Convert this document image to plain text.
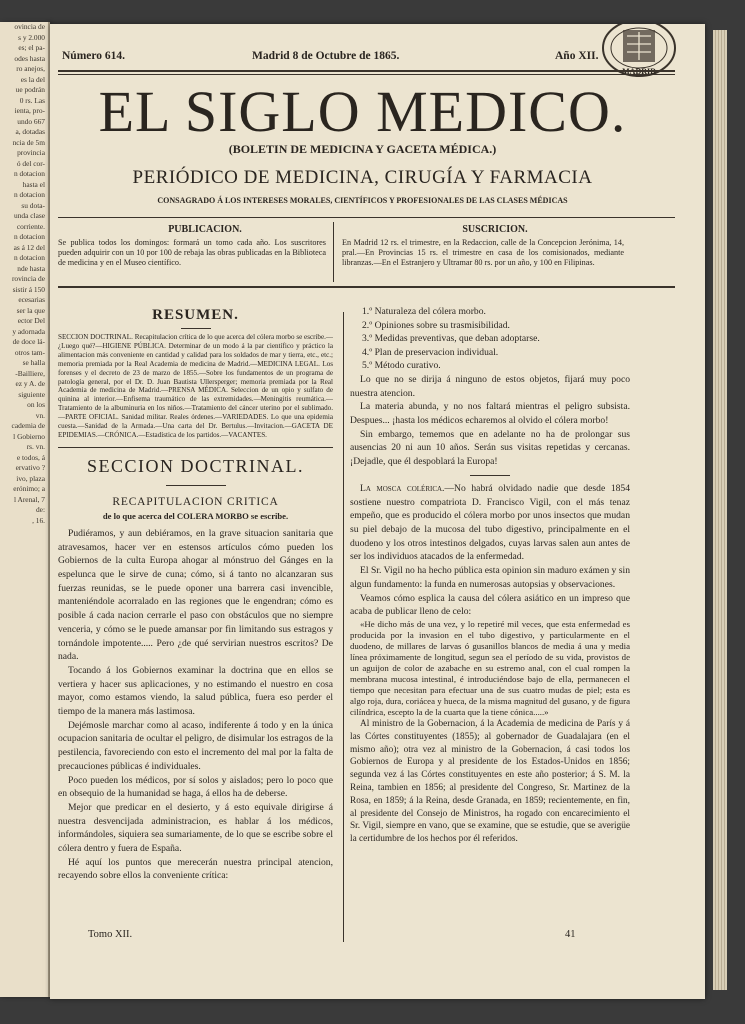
ovincia de
s y 2.000
es; el pa-
odes hasta
ro anejos,
es la del
ue podrán
0 rs. Las
ienta, pro-
undo 667
a, dotadas
ncia de 5m
provincia
ó del cor-
n dotacion
hasta el
n dotacion
su dota-
unda clase
corriente.
n dotacion
as á 12 del
n dotacion
nde hasta
rovincia de
sistir á 150
ecesarias
ser la que
ector Del
y adornada
de doce lá-
otros tam-
se halla
-Bailliere,
ez y A. de
siguiente
on los
vn.
cademia de
l Gobierno
rs. vn.
e todos, á
ervativo ?
ivo, plaza
erónimo; a
l Arenal, 7
de:
, 16.
Número 614.	Madrid 8 de Octubre de 1865.	Año XII.
MADRID
EL SIGLO MEDICO.
(BOLETIN DE MEDICINA Y GACETA MÉDICA.)
PERIÓDICO DE MEDICINA, CIRUGÍA Y FARMACIA
CONSAGRADO Á LOS INTERESES MORALES, CIENTÍFICOS Y PROFESIONALES DE LAS CLASES MÉDICAS
PUBLICACION.
Se publica todos los domingos: formará un tomo cada año. Los suscritores pueden adquirir con un 10 por 100 de rebaja las obras publicadas en la Biblioteca de medicina y en el Museo científico.
SUSCRICION.
En Madrid 12 rs. el trimestre, en la Redaccion, calle de la Concepcion Jerónima, 14, pral.—En Provincias 15 rs. el trimestre en casa de los comisionados, mediante libranzas.—En el Estranjero y Ultramar 80 rs. por un año, y 100 en Filipinas.
RESUMEN.
SECCION DOCTRINAL. Recapitulacion crítica de lo que acerca del cólera morbo se escribe.—¿Luego qué?—HIGIENE PÚBLICA. Determinar de un modo á la par científico y práctico la alimentacion más conveniente en cantidad y calidad para los soldados de mar y tierra, etc., etc.; memoria premiada por la Real Academia de medicina de Madrid.—MEDICINA LEGAL. Los forenses y el decreto de 23 de marzo de 1855.—Sobre los fundamentos de un programa de patología general, por el Dr. D. Juan Bautista Ullersperger; memoria premiada por la Real Academia de medicina de Madrid.—PRENSA MÉDICA. Seleccion de un opio y sulfato de quinina al interior.—Enfisema traumático de las extremidades.—Meningitis reumática.—Tratamiento de la albuminuria en los niños.—Tratamiento del cáncer uterino por el sublimado.—PARTE OFICIAL. Sanidad militar. Reales órdenes.—VARIEDADES. Lo que una epidemia cuesta.—Sanidad de la Armada.—Una carta del Dr. Bertulus.—Invitacion.—GACETA DE EPIDEMIAS.—CRÓNICA.—Estadística de los partidos.—VACANTES.
SECCION DOCTRINAL.
RECAPITULACION CRITICA
de lo que acerca del COLERA MORBO se escribe.

Pudiéramos, y aun debiéramos, en la grave situacion sanitaria que atravesamos, hacer ver en estensos artículos cómo pueden los Gobiernos de la culta Europa ahogar al mónstruo del Gánges en la espelunca que le sirve de cuna; cómo, si á tanto no alcanzaran sus fuerzas reunidas, se le puede oponer una barrera casi invencible, manteniéndole acorralado en las regiones que le engendran; cómo es posible á cada nacion cerrarle el paso con obstáculos que no siempre venceria, y cómo se le puede amansar por fin limitando sus estragos y tornándole impotente..... Pero ¿de qué servirian nuestros escritos? De nada.

Tocando á los Gobiernos examinar la doctrina que en ellos se vertiera y hacer sus aplicaciones, y no estimando el nuestro en cosa mayor, como estamos viendo, la salud pública, fuera eso perder el tiempo de la manera más lastimosa.

Dejémosle marchar como al acaso, indiferente á todo y en la única ocupacion sanitaria de ocultar el peligro, de disimular los estragos de la pestilencia, favoreciendo con esto el incremento del mal por la falta de precauciones públicas é individuales.

Poco pueden los médicos, por sí solos y aislados; pero lo poco que en obsequio de la humanidad se haga, á ellos ha de deberse.

Mejor que predicar en el desierto, y á esto equivale dirigirse á nuestra desvencijada administracion, es hablar á los médicos, informándoles, siquiera sea sumariamente, de lo que se escribe sobre el cólera dentro y fuera de España.

Hé aquí los puntos que merecerán nuestra principal atencion, recayendo sobre ellos la conveniente crítica:

1.º Naturaleza del cólera morbo.
2.º Opiniones sobre su trasmisibilidad.
3.º Medidas preventivas, que deban adoptarse.
4.º Plan de preservacion individual.
5.º Método curativo.

Lo que no se dirija á ninguno de estos objetos, fijará muy poco nuestra atencion.

La materia abunda, y no nos faltará mientras el peligro subsista. Despues... ¡hasta los médicos echaremos al olvido el cólera morbo!

Sin embargo, tememos que en adelante no ha de prolongar sus ausencias 20 ni aun 10 años. Serán sus visitas repetidas y cercanas. ¡Dejadle, que él despoblará la Europa!

La mosca colérica.—No habrá olvidado nadie que desde 1854 sostiene nuestro compatriota D. Francisco Vigil, con el más tenaz empeño, que es producido el cólera morbo por unos insectos que mudan su piel debajo de la mucosa del tubo digestivo, principalmente en el duodeno y los otros intestinos delgados, cuyas larvas salen aun antes de ser los individuos atacados de la enfermedad.

El Sr. Vigil no ha hecho pública esta opinion sin maduro exámen y sin algun fundamento: la funda en numerosas autopsias y observaciones.

Veamos cómo esplica la causa del cólera asiático en un impreso que acaba de publicar lleno de celo:

«He dicho más de una vez, y lo repetiré mil veces, que esta enfermedad es producida por la invasion en el tubo digestivo, y particularmente en el duodeno, de millares de larvas ó gusanillos blancos de media á una y media línea próximamente de longitud, segun sea el período de su vida, provistos de un aguijon de color de azabache en su estremo anal, con el cual rompen la membrana mucosa intestinal, é introduciéndose bajo de ella, permanecen el tiempo que necesitan para efectuar una de sus cuatro mudas de piel; esta es algo roja, dura, coriácea y hueca, de la misma magnitud del gusano, y de figura cilíndrica, escepto la de la cuarta que la tiene cónica.....»

Al ministro de la Gobernacion, á la Academia de medicina de París y á las Córtes constituyentes (1855); al gobernador de Guadalajara (en el mismo año); otra vez al ministro de la Gobernacion, á casi todos los Gobiernos de Europa y al presidente de los Estados-Unidos en 1856; segunda vez á las Córtes constituyentes en este año posterior; á S. M. la Reina, tambien en 1856; al presidente del Congreso, Sr. Martinez de la Rosa, en 1859; á la Reina, desde Granada, en 1859; recientemente, en fin, al presidente del Consejo de Ministros, ha rogado con encarecimiento el Sr. Vigil, siempre en vano, que se examine, que se estudie, que se averigüe la certidumbre de los hechos por él referidos.

Tomo XII.	41
